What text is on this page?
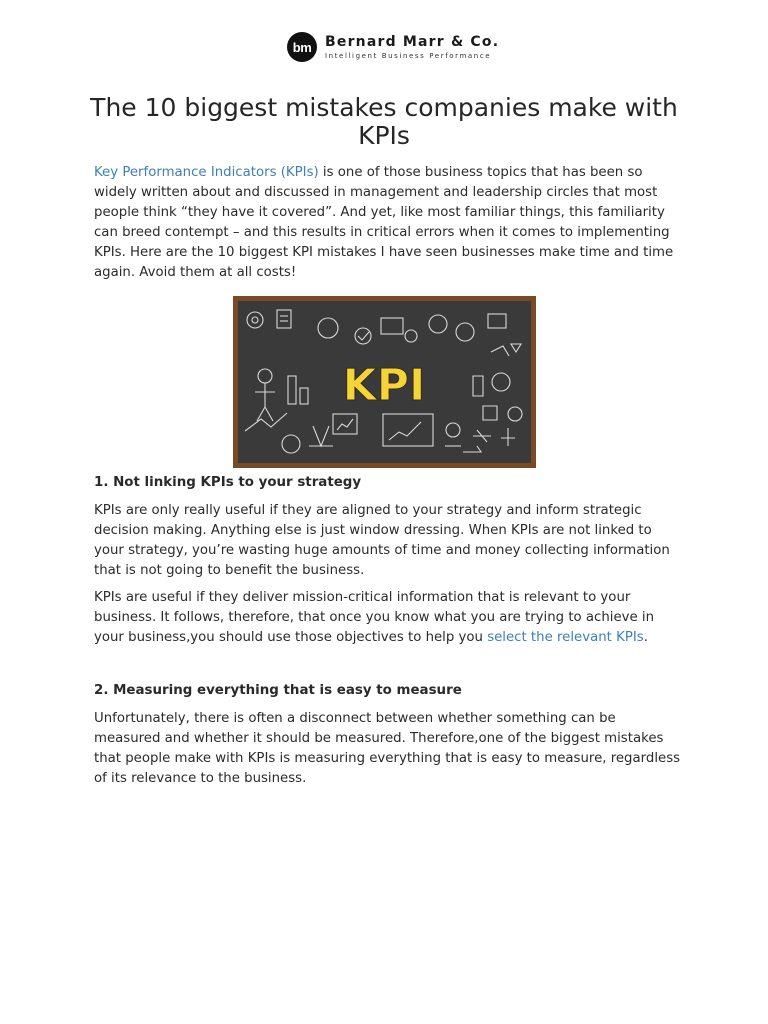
bm Bernard Marr & Co.
Intelligent Business Performance
The 10 biggest mistakes companies make with KPIs

Key Performance Indicators (KPIs) is one of those business topics that has been so widely written about and discussed in management and leadership circles that most people think “they have it covered”. And yet, like most familiar things, this familiarity can breed contempt – and this results in critical errors when it comes to implementing KPIs. Here are the 10 biggest KPI mistakes I have seen businesses make time and time again. Avoid them at all costs!

KPI
1. Not linking KPIs to your strategy

KPIs are only really useful if they are aligned to your strategy and inform strategic decision making. Anything else is just window dressing. When KPIs are not linked to your strategy, you’re wasting huge amounts of time and money collecting information that is not going to benefit the business.

KPIs are useful if they deliver mission-critical information that is relevant to your business. It follows, therefore, that once you know what you are trying to achieve in your business,you should use those objectives to help you select the relevant KPIs.

2. Measuring everything that is easy to measure

Unfortunately, there is often a disconnect between whether something can be measured and whether it should be measured. Therefore,one of the biggest mistakes that people make with KPIs is measuring everything that is easy to measure, regardless of its relevance to the business.
